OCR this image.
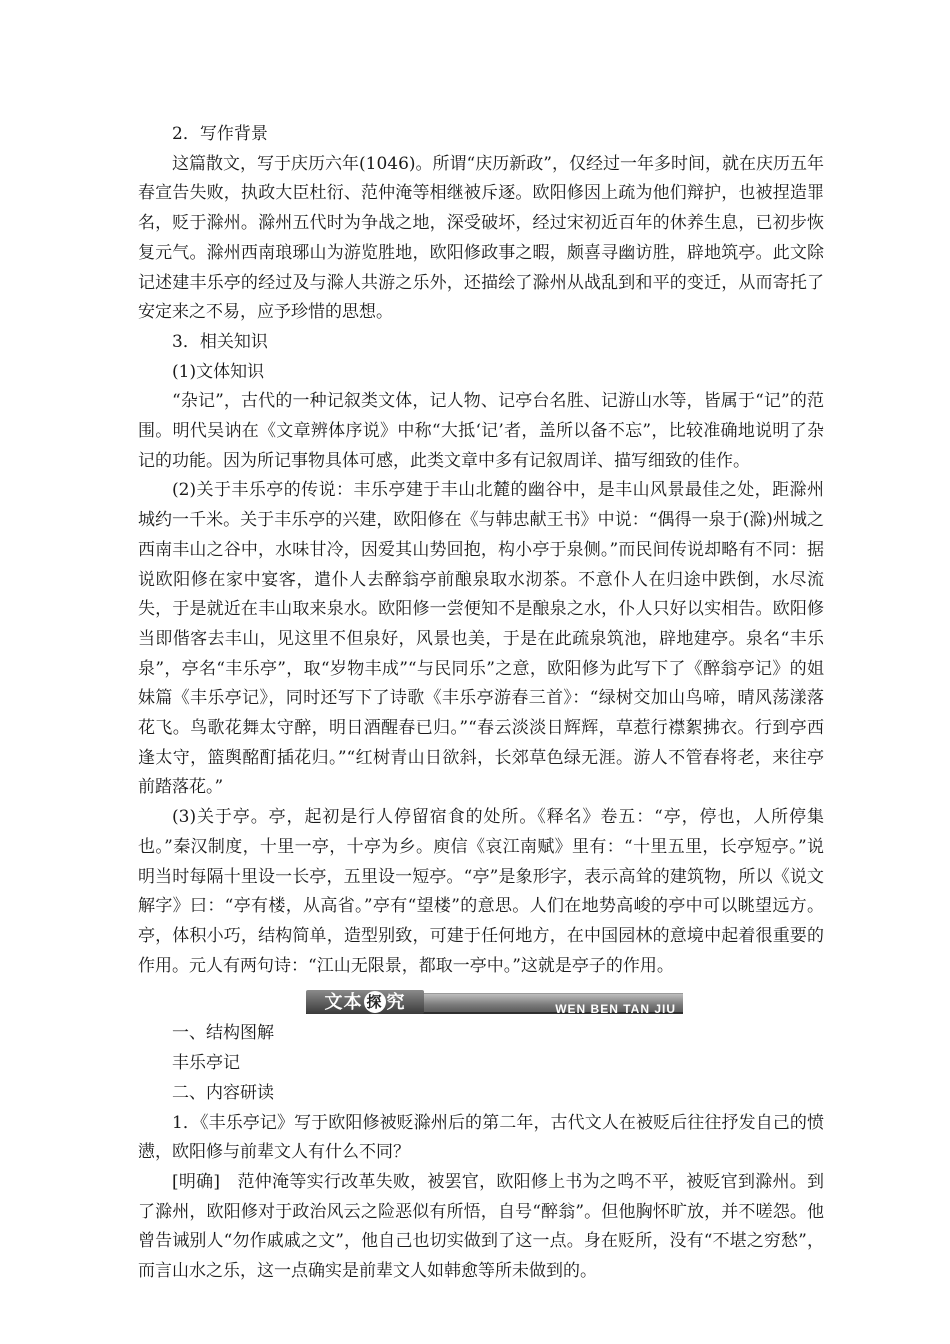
2．写作背景

这篇散文，写于庆历六年(1046)。所谓“庆历新政”，仅经过一年多时间，就在庆历五年春宣告失败，执政大臣杜衍、范仲淹等相继被斥逐。欧阳修因上疏为他们辩护，也被捏造罪名，贬于滁州。滁州五代时为争战之地，深受破坏，经过宋初近百年的休养生息，已初步恢复元气。滁州西南琅琊山为游览胜地，欧阳修政事之暇，颇喜寻幽访胜，辟地筑亭。此文除记述建丰乐亭的经过及与滁人共游之乐外，还描绘了滁州从战乱到和平的变迁，从而寄托了安定来之不易，应予珍惜的思想。

3．相关知识

(1)文体知识

“杂记”，古代的一种记叙类文体，记人物、记亭台名胜、记游山水等，皆属于“记”的范围。明代吴讷在《文章辨体序说》中称“大抵‘记’者，盖所以备不忘”，比较准确地说明了杂记的功能。因为所记事物具体可感，此类文章中多有记叙周详、描写细致的佳作。

(2)关于丰乐亭的传说：丰乐亭建于丰山北麓的幽谷中，是丰山风景最佳之处，距滁州城约一千米。关于丰乐亭的兴建，欧阳修在《与韩忠献王书》中说：“偶得一泉于(滁)州城之西南丰山之谷中，水味甘冷，因爱其山势回抱，构小亭于泉侧。”而民间传说却略有不同：据说欧阳修在家中宴客，遣仆人去醉翁亭前酿泉取水沏茶。不意仆人在归途中跌倒，水尽流失，于是就近在丰山取来泉水。欧阳修一尝便知不是酿泉之水，仆人只好以实相告。欧阳修当即偕客去丰山，见这里不但泉好，风景也美，于是在此疏泉筑池，辟地建亭。泉名“丰乐泉”，亭名“丰乐亭”，取“岁物丰成”“与民同乐”之意，欧阳修为此写下了《醉翁亭记》的姐妹篇《丰乐亭记》，同时还写下了诗歌《丰乐亭游春三首》：“绿树交加山鸟啼，晴风荡漾落花飞。鸟歌花舞太守醉，明日酒醒春已归。”“春云淡淡日辉辉，草惹行襟絮拂衣。行到亭西逢太守，篮舆酩酊插花归。”“红树青山日欲斜，长郊草色绿无涯。游人不管春将老，来往亭前踏落花。”

(3)关于亭。亭，起初是行人停留宿食的处所。《释名》卷五：“亭，停也，人所停集也。”秦汉制度，十里一亭，十亭为乡。庾信《哀江南赋》里有：“十里五里，长亭短亭。”说明当时每隔十里设一长亭，五里设一短亭。“亭”是象形字，表示高耸的建筑物，所以《说文解字》曰：“亭有楼，从高省。”亭有“望楼”的意思。人们在地势高峻的亭中可以眺望远方。亭，体积小巧，结构简单，造型别致，可建于任何地方，在中国园林的意境中起着很重要的作用。元人有两句诗：“江山无限景，都取一亭中。”这就是亭子的作用。

文本 探 究	WEN BEN TAN JIU

一、结构图解

丰乐亭记

二、内容研读

1．《丰乐亭记》写于欧阳修被贬滁州后的第二年，古代文人在被贬后往往抒发自己的愤懑，欧阳修与前辈文人有什么不同？

[明确]　范仲淹等实行改革失败，被罢官，欧阳修上书为之鸣不平，被贬官到滁州。到了滁州，欧阳修对于政治风云之险恶似有所悟，自号“醉翁”。但他胸怀旷放，并不嗟怨。他曾告诫别人“勿作戚戚之文”，他自己也切实做到了这一点。身在贬所，没有“不堪之穷愁”，而言山水之乐，这一点确实是前辈文人如韩愈等所未做到的。
